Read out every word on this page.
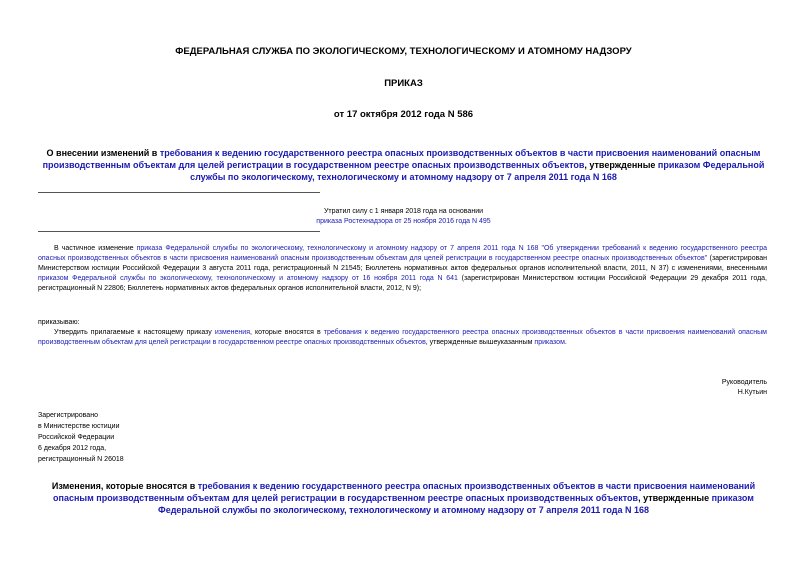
ФЕДЕРАЛЬНАЯ СЛУЖБА ПО ЭКОЛОГИЧЕСКОМУ, ТЕХНОЛОГИЧЕСКОМУ И АТОМНОМУ НАДЗОРУ
ПРИКАЗ
от 17 октября 2012 года N 586
О внесении изменений в требования к ведению государственного реестра опасных производственных объектов в части присвоения наименований опасным производственным объектам для целей регистрации в государственном реестре опасных производственных объектов, утвержденные приказом Федеральной службы по экологическому, технологическому и атомному надзору от 7 апреля 2011 года N 168
Утратил силу с 1 января 2018 года на основании
приказа Ростехнадзора от 25 ноября 2016 года N 495
В частичное изменение приказа Федеральной службы по экологическому, технологическому и атомному надзору от 7 апреля 2011 года N 168 "Об утверждении требований к ведению государственного реестра опасных производственных объектов в части присвоения наименований опасным производственным объектам для целей регистрации в государственном реестре опасных производственных объектов" (зарегистрирован Министерством юстиции Российской Федерации 3 августа 2011 года, регистрационный N 21545; Бюллетень нормативных актов федеральных органов исполнительной власти, 2011, N 37) с изменениями, внесенными приказом Федеральной службы по экологическому, технологическому и атомному надзору от 16 ноября 2011 года N 641 (зарегистрирован Министерством юстиции Российской Федерации 29 декабря 2011 года, регистрационный N 22806; Бюллетень нормативных актов федеральных органов исполнительной власти, 2012, N 9);
приказываю:
Утвердить прилагаемые к настоящему приказу изменения, которые вносятся в требования к ведению государственного реестра опасных производственных объектов в части присвоения наименований опасным производственным объектам для целей регистрации в государственном реестре опасных производственных объектов, утвержденные вышеуказанным приказом.
Руководитель
Н.Кутьин
Зарегистрировано
в Министерстве юстиции
Российской Федерации
6 декабря 2012 года,
регистрационный N 26018
Изменения, которые вносятся в требования к ведению государственного реестра опасных производственных объектов в части присвоения наименований опасным производственным объектам для целей регистрации в государственном реестре опасных производственных объектов, утвержденные приказом Федеральной службы по экологическому, технологическому и атомному надзору от 7 апреля 2011 года N 168
